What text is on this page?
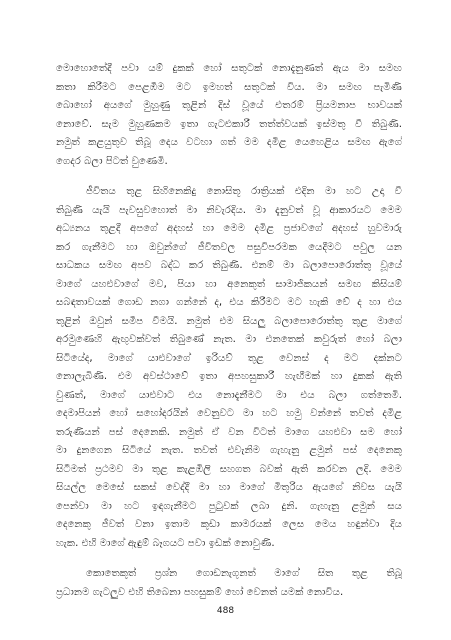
මොහොතේදී පවා යම් දුකක් හෝ සතුටක් නොදැනුණත් ඇය මා සමඟ
කතා කිරීමට පෙළඹීම මට ඉමහත් සතුටක් විය. මා සමඟ පැමිණි
බොහෝ අයගේ මුහුණු තුළින් දිස් වූයේ එතරම් ප්‍රියමනාප භාවයක්
නොවේ. සැම මුහුණකම ඉතා ගැටළුකාරී තත්ත්වයක් ඉස්මතු වී තිබුණි.
නමුත් කළයුතුව තිබූ දෙය වටහා ගත් මම දමිළ යෙහෙළිය සමඟ ඇගේ
ගෙදර බලා පිටත් වුණෙමි.
ජීවිතය තුළ සිහිනෙකිදු නොසිතූ රාත්‍රියක් එදින මා හට උදා වී
තිබුණි යැයි පැවසුවහොත් මා නිවැරදිය. මා දැනුවත් වූ ආකාරයට මෙම
අධ්‍යනය තුළදී අපගේ අදහස් හා මෙම දමිළ ප්‍රජාවගේ අදහස් හුවමාරු
කර ගැනීමට හා ඔවුන්ගේ ජීවිතවල පසුවිපරමක යෙදීමට පවුල යන
සාධකය සමඟ අපව බද්ධ කර තිබුණි. එනම් මා බලාපොරොත්තු වූයේ
මාගේ යහළුවාගේ මව, පියා හා අනෙකුත් සාමාජිකයන් සමඟ කිසියම්
සබඳතාවයක් ගොඩ නගා ගන්නේ ද, එය කිරීමට මට හැකි වේ ද හා එය
තුළින් ඔවුන් සමීප වීමයි. නමුත් එම සියලු බලාපොරොත්තු තුළ මාගේ
අරමුණෙහි ඇඟුවක්වත් තිබුණේ නැත. මා එනතෙක් කවුරුත් හෝ බලා
සිටියේද, මාගේ යාළුවාගේ ඉරියව් තුළ වෙනස් ද මට දක්නට
නොලැබිණි. එම අවස්ථාවේ ඉතා අපහසුකාරී හැඟීමක් හා දුකක් ඇති
වුණත්, මාගේ යාළුවාට එය නොදැනීමට මා එය බලා ගත්තෙමි.
දෙමාපියන් හෝ සහෝදරයින් වෙනුවට මා හට හමු වන්නේ තවත් දමිළ
තරුණියන් පස් දෙනෙකි. නමුත් ඒ වන විටත් මාගෙ යහළුවා සම හෝ
මා දුනගෙන සිටියේ නැත. තවත් එවැනිම ගැහැනු ළමුන් පස් දෙනෙකු
සිටීමත් ප්‍රථමව මා තුළ කැළඹිලි සහගත බවක් ඇති කරවන ලදි. මෙම
සියල්ල මෙසේ සකස් වෙද්දී මා හා මාගේ මිතුරිය ඇයගේ නිවස යැයි
පෙන්වා මා හට ඉඳගැනීමට පුටුවක් ලබා දුනි. ගැහැනු ළමුන් සය
දෙනෙකු ජීවත් වනා ඉතාම කුඩා කාමරයක් ලෙස මෙය හඳුන්වා දිය
හැක. එහි මාගේ ඇඳුම් බෑගයට පවා ඉඩක් නොවුණි.
කොතෙකුත් ප්‍රශ්න ගොඩනැගුනත් මාගේ සිත තුළ තිබූ
ප්‍රධානම ගැටලුව එහි තිබෙනා පහසුකම් හෝ වෙනත් යමක් නොවිය.
488
